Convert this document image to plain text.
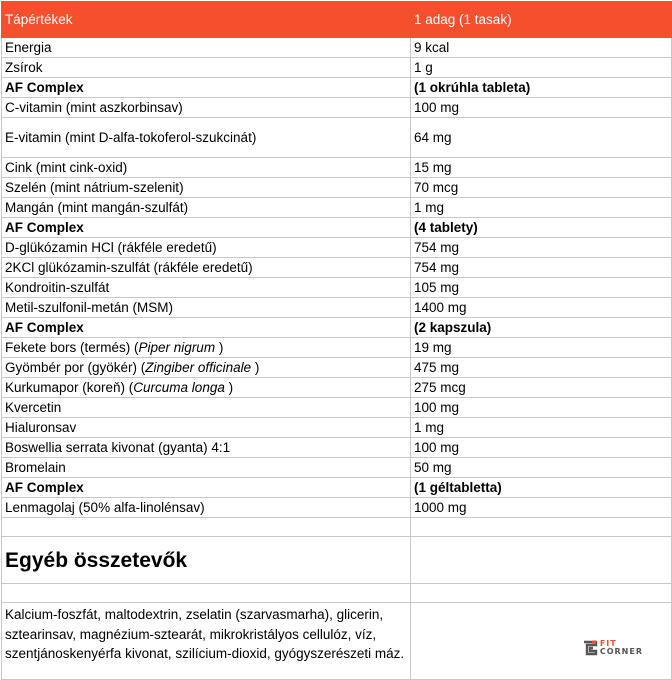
Tápértékek	1 adag (1 tasak)
Energia	9 kcal
Zsírok	1 g
AF Complex	(1 okrúhla tableta)
C-vitamin (mint aszkorbinsav)	100 mg
E-vitamin (mint D-alfa-tokoferol-szukcinát)	64 mg
Cink (mint cink-oxid)	15 mg
Szelén (mint nátrium-szelenit)	70 mcg
Mangán (mint mangán-szulfát)	1 mg
AF Complex	(4 tablety)
D-glükózamin HCl (rákféle eredetű)	754 mg
2KCl glükózamin-szulfát (rákféle eredetű)	754 mg
Kondroitin-szulfát	105 mg
Metil-szulfonil-metán (MSM)	1400 mg
AF Complex	(2 kapszula)
Fekete bors (termés) (Piper nigrum )	19 mg
Gyömbér por (gyökér) (Zingiber officinale )	475 mg
Kurkumapor (koreň) (Curcuma longa )	275 mcg
Kvercetin	100 mg
Hialuronsav	1 mg
Boswellia serrata kivonat (gyanta) 4:1	100 mg
Bromelain	50 mg
AF Complex	(1 géltabletta)
Lenmagolaj (50% alfa-linolénsav)	1000 mg

Egyéb összetevők	

Kalcium-foszfát, maltodextrin, zselatin (szarvasmarha), glicerin, sztearinsav, magnézium-sztearát, mikrokristályos cellulóz, víz, szentjánoskenyérfa kivonat, szilícium-dioxid, gyógyszerészeti máz.	FIT
CORNER
